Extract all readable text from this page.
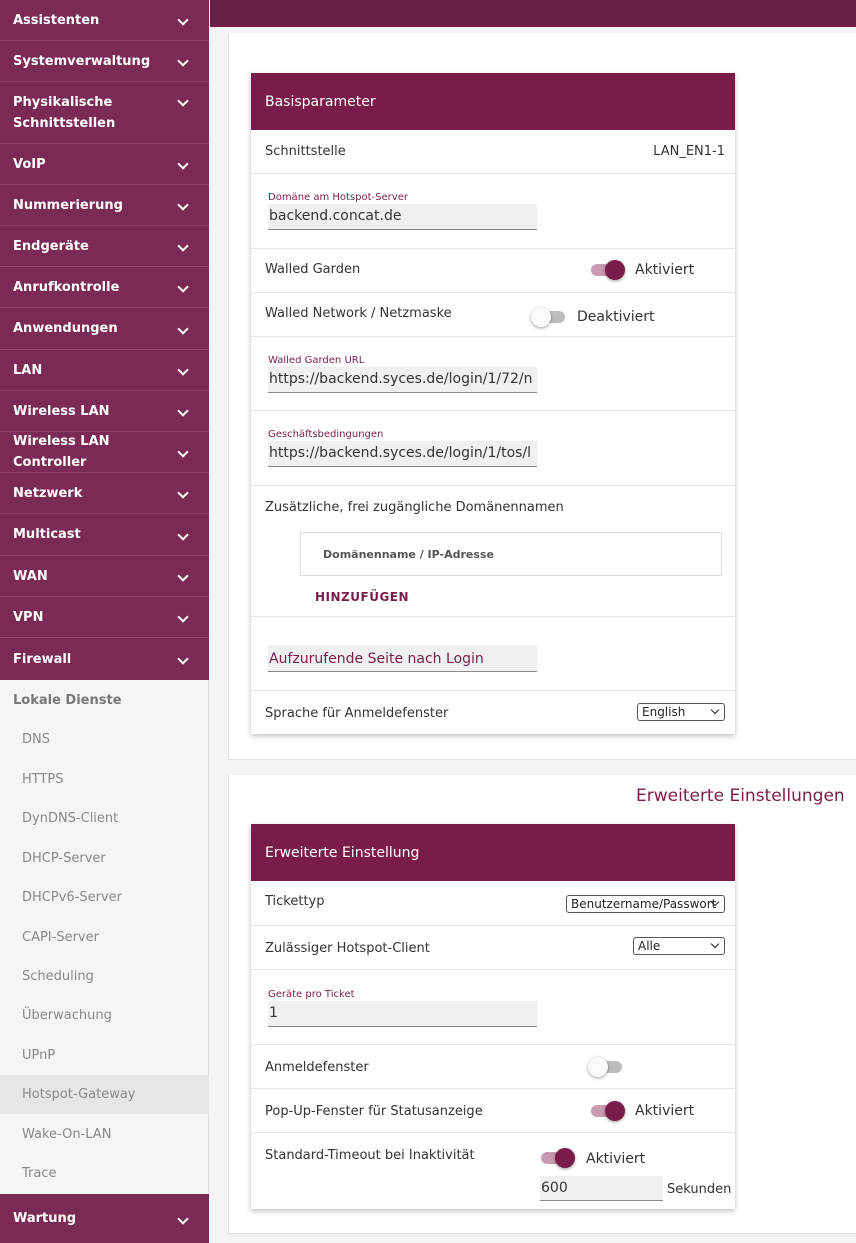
Assistenten
Systemverwaltung
Physikalische Schnittstellen
VoIP
Nummerierung
Endgeräte
Anrufkontrolle
Anwendungen
LAN
Wireless LAN
Wireless LAN Controller
Netzwerk
Multicast
WAN
VPN
Firewall
Lokale Dienste
DNS
HTTPS
DynDNS-Client
DHCP-Server
DHCPv6-Server
CAPI-Server
Scheduling
Überwachung
UPnP
Hotspot-Gateway
Wake-On-LAN
Trace
Wartung
Basisparameter
Schnittstelle	LAN_EN1-1
Domäne am Hotspot-Server
backend.concat.de
Walled Garden	Aktiviert
Walled Network / Netzmaske	Deaktiviert
Walled Garden URL
https://backend.syces.de/login/1/72/n
Geschäftsbedingungen
https://backend.syces.de/login/1/tos/l
Zusätzliche, frei zugängliche Domänennamen
Domänenname / IP-Adresse
HINZUFÜGEN
Aufzurufende Seite nach Login
Sprache für Anmeldefenster	English
Erweiterte Einstellungen
Erweiterte Einstellung
Tickettyp	Benutzername/Passwort
Zulässiger Hotspot-Client	Alle
Geräte pro Ticket
1
Anmeldefenster
Pop-Up-Fenster für Statusanzeige	Aktiviert
Standard-Timeout bei Inaktivität	Aktiviert
600	Sekunden
